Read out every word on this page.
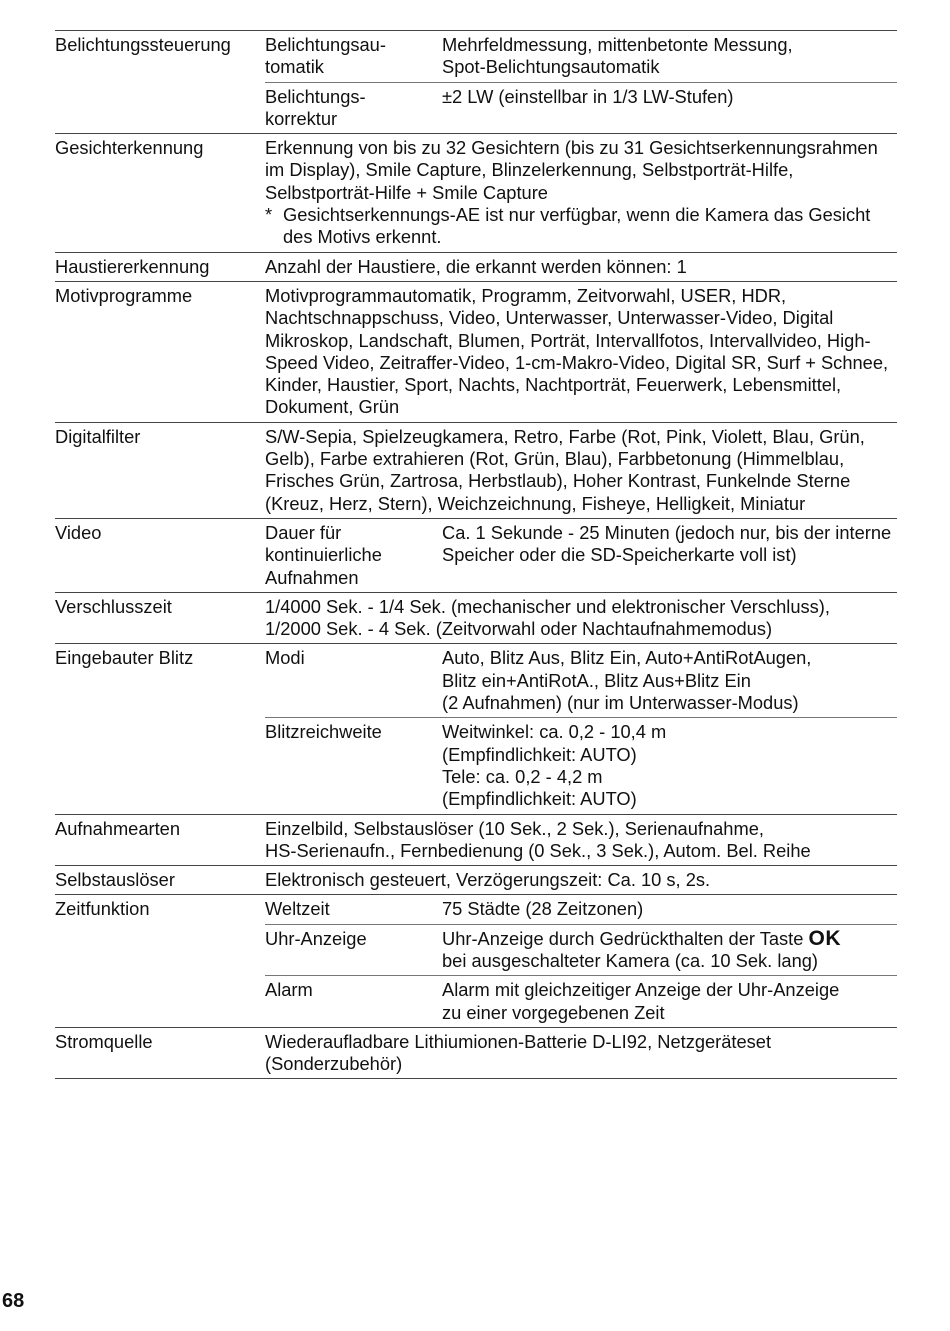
Belichtungssteuerung	Belichtungsau-
tomatik	Mehrfeldmessung, mittenbetonte Messung,
Spot-Belichtungsautomatik

	Belichtungs-
korrektur	±2 LW (einstellbar in 1/3 LW-Stufen)

Gesichterkennung	Erkennung von bis zu 32 Gesichtern (bis zu 31 Gesichtserkennungsrahmen im Display), Smile Capture, Blinzelerkennung, Selbstporträt-Hilfe, Selbstporträt-Hilfe + Smile Capture
* Gesichtserkennungs-AE ist nur verfügbar, wenn die Kamera das Gesicht des Motivs erkennt.	

Haustiererkennung	Anzahl der Haustiere, die erkannt werden können: 1	

Motivprogramme	Motivprogrammautomatik, Programm, Zeitvorwahl, USER, HDR, Nachtschnappschuss, Video, Unterwasser, Unterwasser-Video, Digital Mikroskop, Landschaft, Blumen, Porträt, Intervallfotos, Intervallvideo, High-Speed Video, Zeitraffer-Video, 1-cm-Makro-Video, Digital SR, Surf + Schnee, Kinder, Haustier, Sport, Nachts, Nachtporträt, Feuerwerk, Lebensmittel, Dokument, Grün	

Digitalfilter	S/W-Sepia, Spielzeugkamera, Retro, Farbe (Rot, Pink, Violett, Blau, Grün, Gelb), Farbe extrahieren (Rot, Grün, Blau), Farbbetonung (Himmelblau, Frisches Grün, Zartrosa, Herbstlaub), Hoher Kontrast, Funkelnde Sterne (Kreuz, Herz, Stern), Weichzeichnung, Fisheye, Helligkeit, Miniatur	

Video	Dauer für
kontinuierliche
Aufnahmen	Ca. 1 Sekunde - 25 Minuten (jedoch nur, bis der interne Speicher oder die SD-Speicherkarte voll ist)

Verschlusszeit	1/4000 Sek. - 1/4 Sek. (mechanischer und elektronischer Verschluss),
1/2000 Sek. - 4 Sek. (Zeitvorwahl oder Nachtaufnahmemodus)	

Eingebauter Blitz	Modi	Auto, Blitz Aus, Blitz Ein, Auto+AntiRotAugen,
Blitz ein+AntiRotA., Blitz Aus+Blitz Ein
(2 Aufnahmen) (nur im Unterwasser-Modus)

	Blitzreichweite	Weitwinkel: ca. 0,2 - 10,4 m
(Empfindlichkeit: AUTO)
Tele: ca. 0,2 - 4,2 m
(Empfindlichkeit: AUTO)

Aufnahmearten	Einzelbild, Selbstauslöser (10 Sek., 2 Sek.), Serienaufnahme,
HS-Serienaufn., Fernbedienung (0 Sek., 3 Sek.), Autom. Bel. Reihe	

Selbstauslöser	Elektronisch gesteuert, Verzögerungszeit: Ca. 10 s, 2s.	

Zeitfunktion	Weltzeit	75 Städte (28 Zeitzonen)

	Uhr-Anzeige	Uhr-Anzeige durch Gedrückthalten der Taste OK
bei ausgeschalteter Kamera (ca. 10 Sek. lang)

	Alarm	Alarm mit gleichzeitiger Anzeige der Uhr-Anzeige
zu einer vorgegebenen Zeit

Stromquelle	Wiederaufladbare Lithiumionen-Batterie D-LI92, Netzgeräteset
(Sonderzubehör)	
68
